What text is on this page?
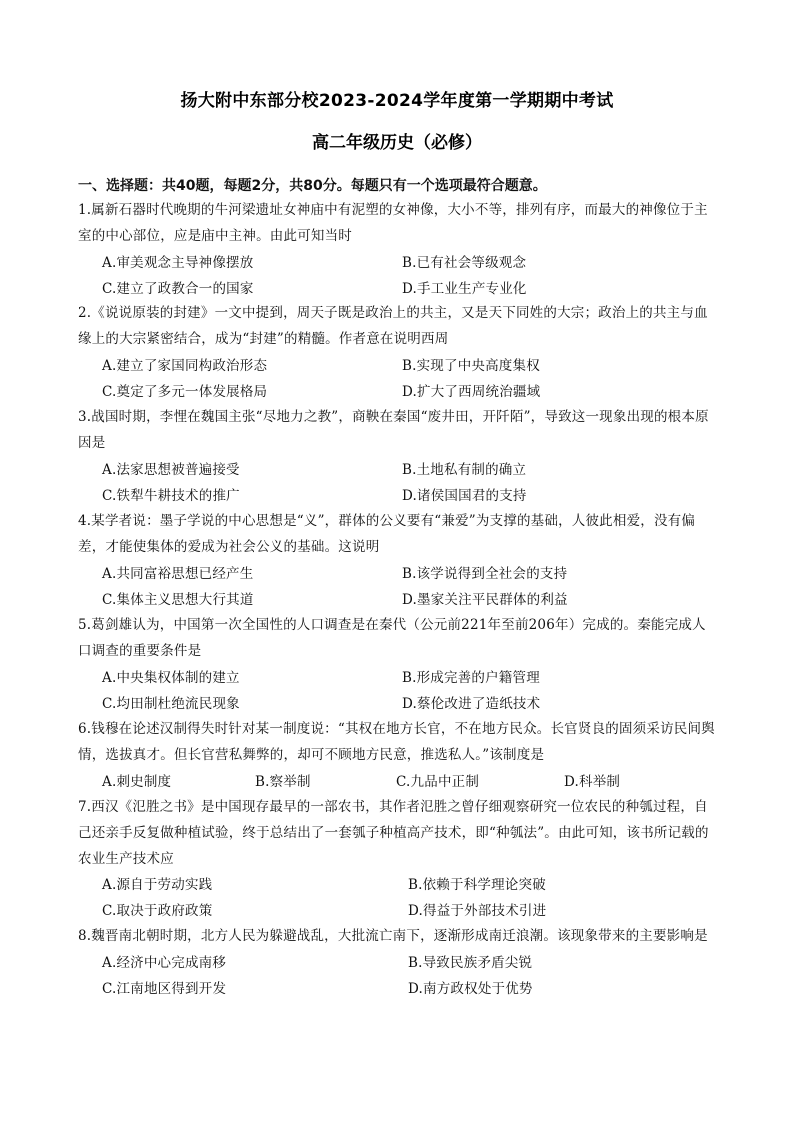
扬大附中东部分校2023-2024学年度第一学期期中考试
高二年级历史（必修）
一、选择题：共40题，每题2分，共80分。每题只有一个选项最符合题意。

1.属新石器时代晚期的牛河梁遗址女神庙中有泥塑的女神像，大小不等，排列有序，而最大的神像位于主室的中心部位，应是庙中主神。由此可知当时

A.审美观念主导神像摆放	B.已有社会等级观念
C.建立了政教合一的国家	D.手工业生产专业化

2.《说说原装的封建》一文中提到，周天子既是政治上的共主，又是天下同姓的大宗；政治上的共主与血缘上的大宗紧密结合，成为“封建”的精髓。作者意在说明西周

A.建立了家国同构政治形态	B.实现了中央高度集权
C.奠定了多元一体发展格局	D.扩大了西周统治疆域

3.战国时期，李悝在魏国主张“尽地力之教”，商鞅在秦国“废井田，开阡陌”，导致这一现象出现的根本原因是

A.法家思想被普遍接受	B.土地私有制的确立
C.铁犁牛耕技术的推广	D.诸侯国国君的支持

4.某学者说：墨子学说的中心思想是“义”，群体的公义要有“兼爱”为支撑的基础，人彼此相爱，没有偏差，才能使集体的爱成为社会公义的基础。这说明

A.共同富裕思想已经产生	B.该学说得到全社会的支持
C.集体主义思想大行其道	D.墨家关注平民群体的利益

5.葛剑雄认为，中国第一次全国性的人口调查是在秦代（公元前221年至前206年）完成的。秦能完成人口调查的重要条件是

A.中央集权体制的建立	B.形成完善的户籍管理
C.均田制杜绝流民现象	D.蔡伦改进了造纸技术

6.钱穆在论述汉制得失时针对某一制度说：“其权在地方长官，不在地方民众。长官贤良的固须采访民间舆情，选拔真才。但长官营私舞弊的，却可不顾地方民意，推选私人。”该制度是

A.刺史制度	B.察举制	C.九品中正制	D.科举制

7.西汉《氾胜之书》是中国现存最早的一部农书，其作者氾胜之曾仔细观察研究一位农民的种瓠过程，自己还亲手反复做种植试验，终于总结出了一套瓠子种植高产技术，即“种瓠法”。由此可知，该书所记载的农业生产技术应

A.源自于劳动实践	B.依赖于科学理论突破
C.取决于政府政策	D.得益于外部技术引进

8.魏晋南北朝时期，北方人民为躲避战乱，大批流亡南下，逐渐形成南迁浪潮。该现象带来的主要影响是

A.经济中心完成南移	B.导致民族矛盾尖锐
C.江南地区得到开发	D.南方政权处于优势
